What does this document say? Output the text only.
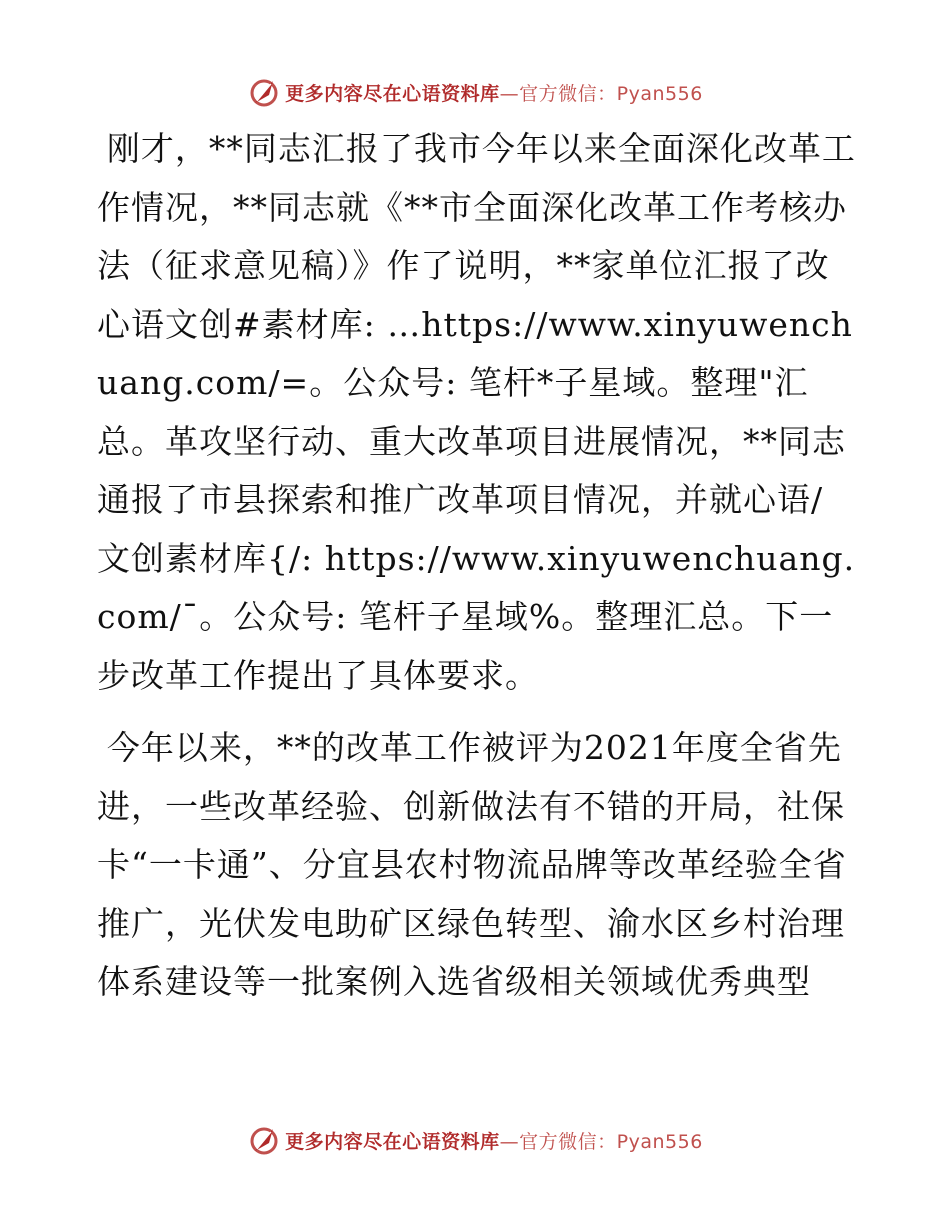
更多内容尽在心语资料库—官方微信：Pyan556

刚才，**同志汇报了我市今年以来全面深化改革工作情况，**同志就《**市全面深化改革工作考核办法（征求意见稿）》作了说明，**家单位汇报了改心语文创#素材库: …https://www.xinyuwenchuang.com/=。公众号: 笔杆*子星域。整理"汇总。革攻坚行动、重大改革项目进展情况，**同志通报了市县探索和推广改革项目情况，并就心语/文创素材库{/: https://www.xinyuwenchuang.com/¯。公众号: 笔杆子星域%。整理汇总。下一步改革工作提出了具体要求。

今年以来，**的改革工作被评为2021年度全省先进，一些改革经验、创新做法有不错的开局，社保卡“一卡通”、分宜县农村物流品牌等改革经验全省推广，光伏发电助矿区绿色转型、渝水区乡村治理体系建设等一批案例入选省级相关领域优秀典型

更多内容尽在心语资料库—官方微信：Pyan556
